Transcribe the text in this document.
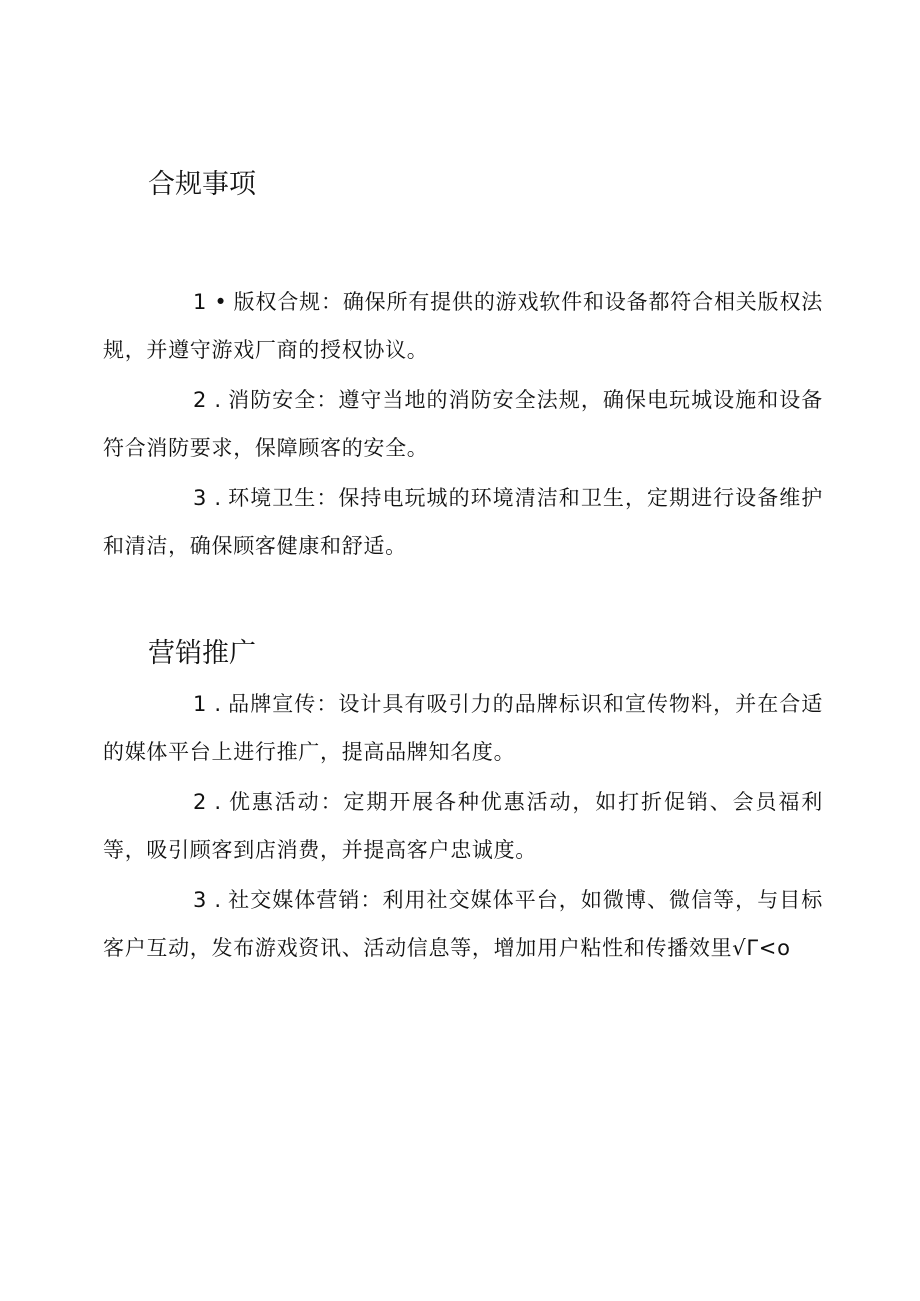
合规事项

1 • 版权合规：确保所有提供的游戏软件和设备都符合相关版权法规，并遵守游戏厂商的授权协议。

2 . 消防安全：遵守当地的消防安全法规，确保电玩城设施和设备符合消防要求，保障顾客的安全。

3 . 环境卫生：保持电玩城的环境清洁和卫生，定期进行设备维护和清洁，确保顾客健康和舒适。

营销推广

1 . 品牌宣传：设计具有吸引力的品牌标识和宣传物料，并在合适的媒体平台上进行推广，提高品牌知名度。

2 . 优惠活动：定期开展各种优惠活动，如打折促销、会员福利等，吸引顾客到店消费，并提高客户忠诚度。

3 . 社交媒体营销：利用社交媒体平台，如微博、微信等，与目标客户互动，发布游戏资讯、活动信息等，增加用户粘性和传播效里√Γ<o
